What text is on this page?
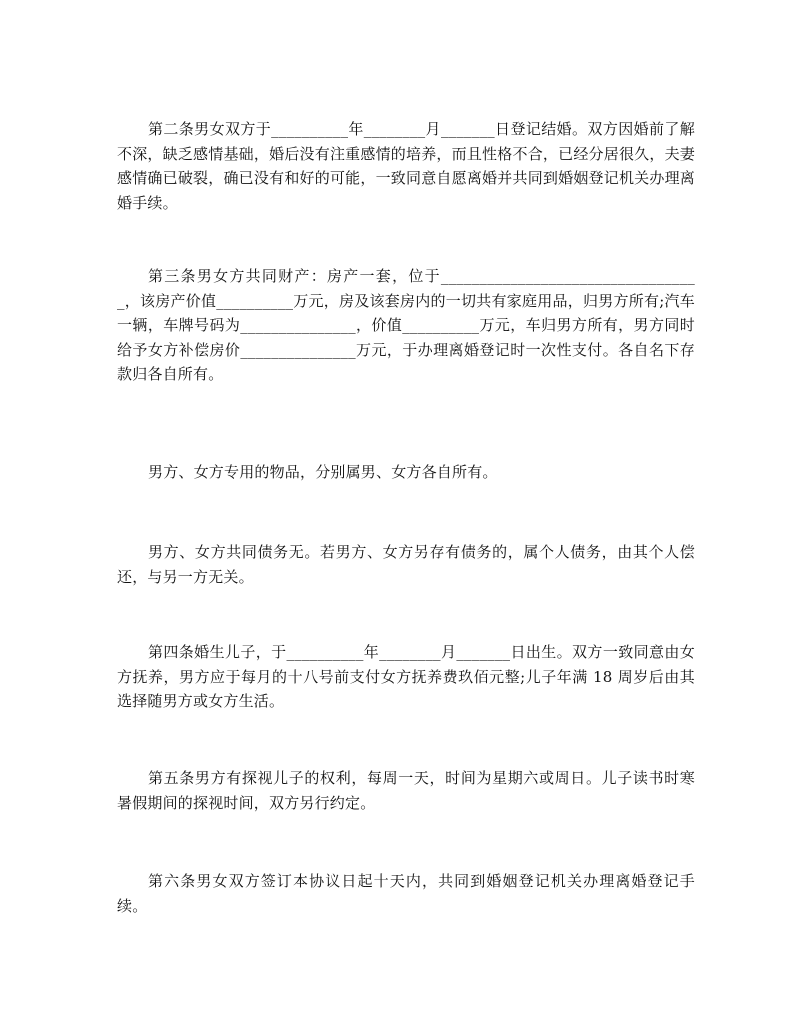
第二条男女双方于__________年________月_______日登记结婚。双方因婚前了解不深，缺乏感情基础，婚后没有注重感情的培养，而且性格不合，已经分居很久，夫妻感情确已破裂，确已没有和好的可能，一致同意自愿离婚并共同到婚姻登记机关办理离婚手续。

第三条男女方共同财产：房产一套，位于__________________________________，该房产价值__________万元，房及该套房内的一切共有家庭用品，归男方所有;汽车一辆，车牌号码为_______________，价值__________万元，车归男方所有，男方同时给予女方补偿房价_______________万元，于办理离婚登记时一次性支付。各自名下存款归各自所有。

男方、女方专用的物品，分别属男、女方各自所有。

男方、女方共同债务无。若男方、女方另存有债务的，属个人债务，由其个人偿还，与另一方无关。

第四条婚生儿子，于__________年________月_______日出生。双方一致同意由女方抚养，男方应于每月的十八号前支付女方抚养费玖佰元整;儿子年满 18 周岁后由其选择随男方或女方生活。

第五条男方有探视儿子的权利，每周一天，时间为星期六或周日。儿子读书时寒暑假期间的探视时间，双方另行约定。

第六条男女双方签订本协议日起十天内，共同到婚姻登记机关办理离婚登记手续。
